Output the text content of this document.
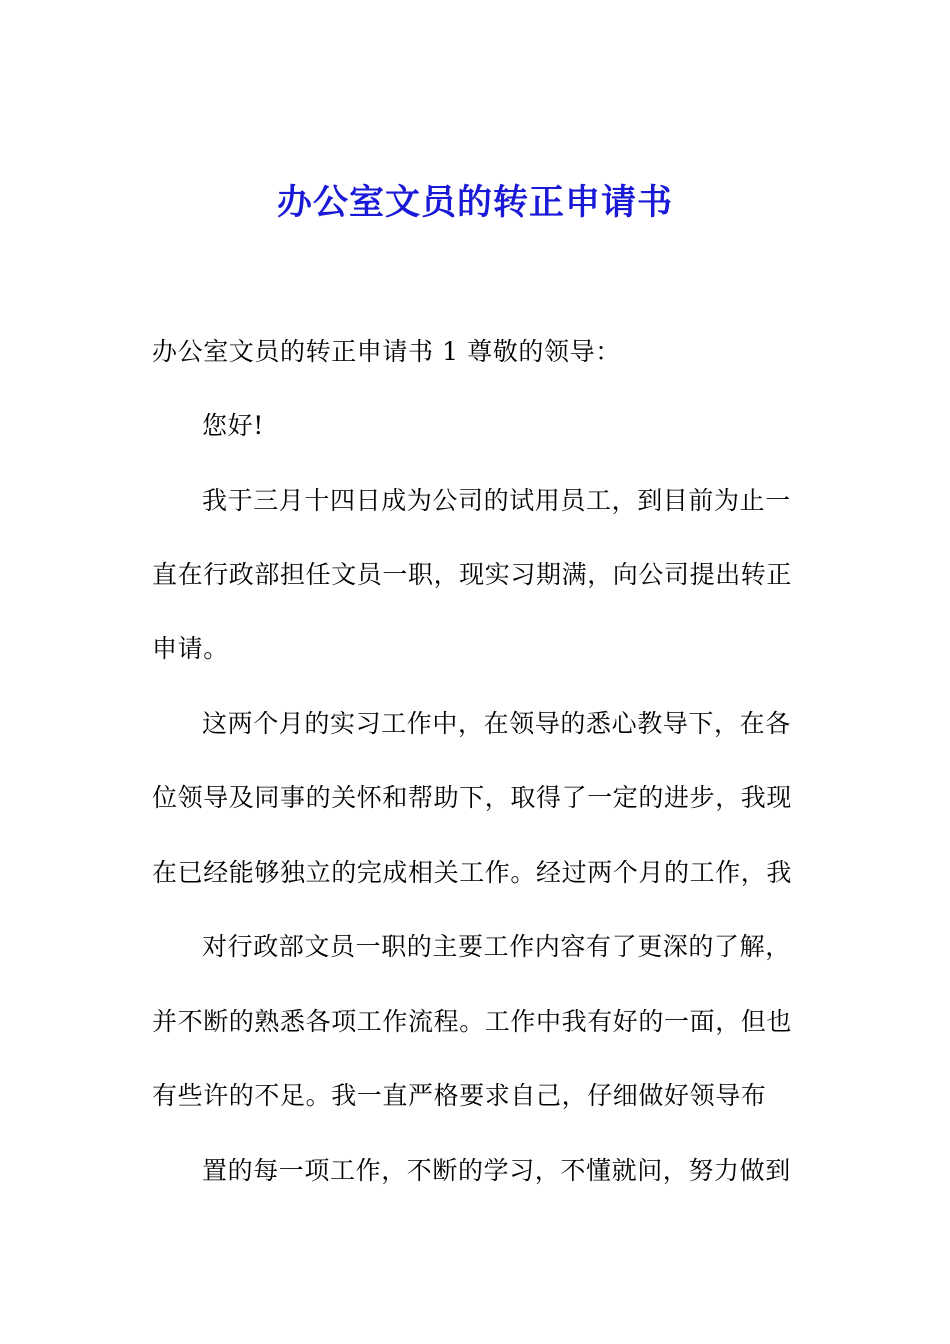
办公室文员的转正申请书
办公室文员的转正申请书 1 尊敬的领导：
您好!
我于三月十四日成为公司的试用员工，到目前为止一
直在行政部担任文员一职，现实习期满，向公司提出转正
申请。
这两个月的实习工作中，在领导的悉心教导下，在各
位领导及同事的关怀和帮助下，取得了一定的进步，我现
在已经能够独立的完成相关工作。经过两个月的工作，我
对行政部文员一职的主要工作内容有了更深的了解，
并不断的熟悉各项工作流程。工作中我有好的一面，但也
有些许的不足。我一直严格要求自己，仔细做好领导布
置的每一项工作，不断的学习，不懂就问，努力做到
